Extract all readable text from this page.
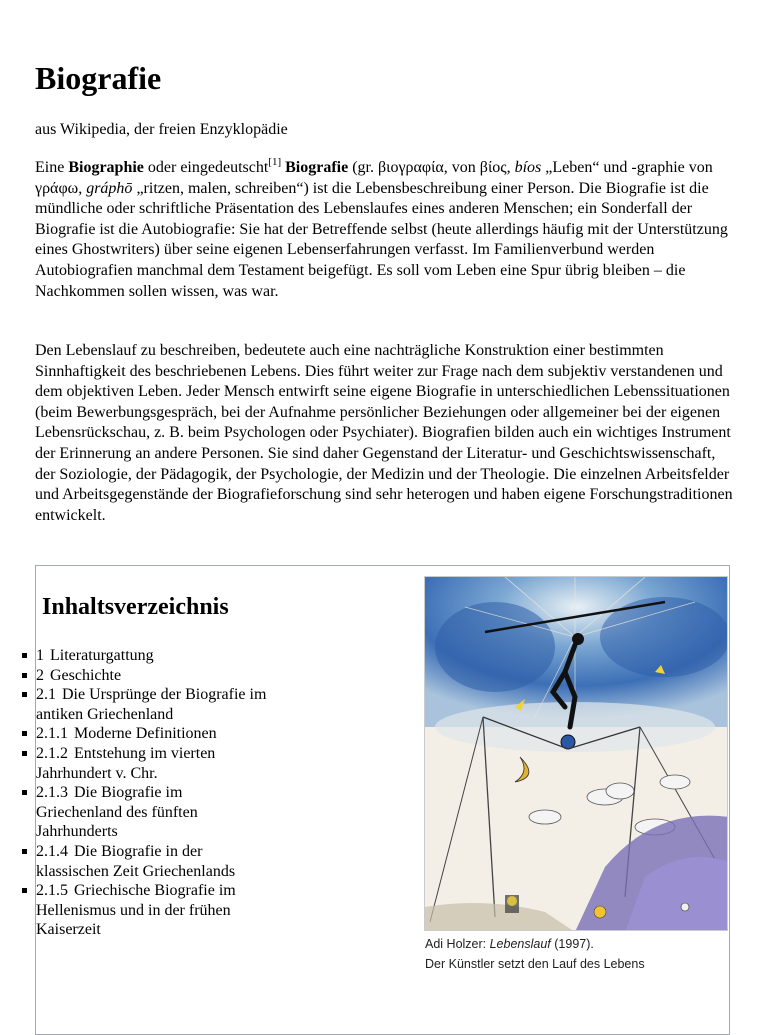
Biografie
aus Wikipedia, der freien Enzyklopädie

Eine Biographie oder eingedeutscht[1] Biografie (gr. βιογραφία, von βίος, bíos „Leben“ und -graphie von γράφω, gráphō „ritzen, malen, schreiben“) ist die Lebensbeschreibung einer Person. Die Biografie ist die mündliche oder schriftliche Präsentation des Lebenslaufes eines anderen Menschen; ein Sonderfall der Biografie ist die Autobiografie: Sie hat der Betreffende selbst (heute allerdings häufig mit der Unterstützung eines Ghostwriters) über seine eigenen Lebenserfahrungen verfasst. Im Familienverbund werden Autobiografien manchmal dem Testament beigefügt. Es soll vom Leben eine Spur übrig bleiben – die Nachkommen sollen wissen, was war.

Den Lebenslauf zu beschreiben, bedeutete auch eine nachträgliche Konstruktion einer bestimmten Sinnhaftigkeit des beschriebenen Lebens. Dies führt weiter zur Frage nach dem subjektiv verstandenen und dem objektiven Leben. Jeder Mensch entwirft seine eigene Biografie in unterschiedlichen Lebenssituationen (beim Bewerbungsgespräch, bei der Aufnahme persönlicher Beziehungen oder allgemeiner bei der eigenen Lebensrückschau, z. B. beim Psychologen oder Psychiater). Biografien bilden auch ein wichtiges Instrument der Erinnerung an andere Personen. Sie sind daher Gegenstand der Literatur- und Geschichtswissenschaft, der Soziologie, der Pädagogik, der Psychologie, der Medizin und der Theologie. Die einzelnen Arbeitsfelder und Arbeitsgegenstände der Biografieforschung sind sehr heterogen und haben eigene Forschungstraditionen entwickelt.

Inhaltsverzeichnis
1 Literaturgattung
2 Geschichte
2.1 Die Ursprünge der Biografie im antiken Griechenland
2.1.1 Moderne Definitionen
2.1.2 Entstehung im vierten Jahrhundert v. Chr.
2.1.3 Die Biografie im Griechenland des fünften Jahrhunderts
2.1.4 Die Biografie in der klassischen Zeit Griechenlands
2.1.5 Griechische Biografie im Hellenismus und in der frühen Kaiserzeit
Adi Holzer: Lebenslauf (1997).
Der Künstler setzt den Lauf des Lebens
